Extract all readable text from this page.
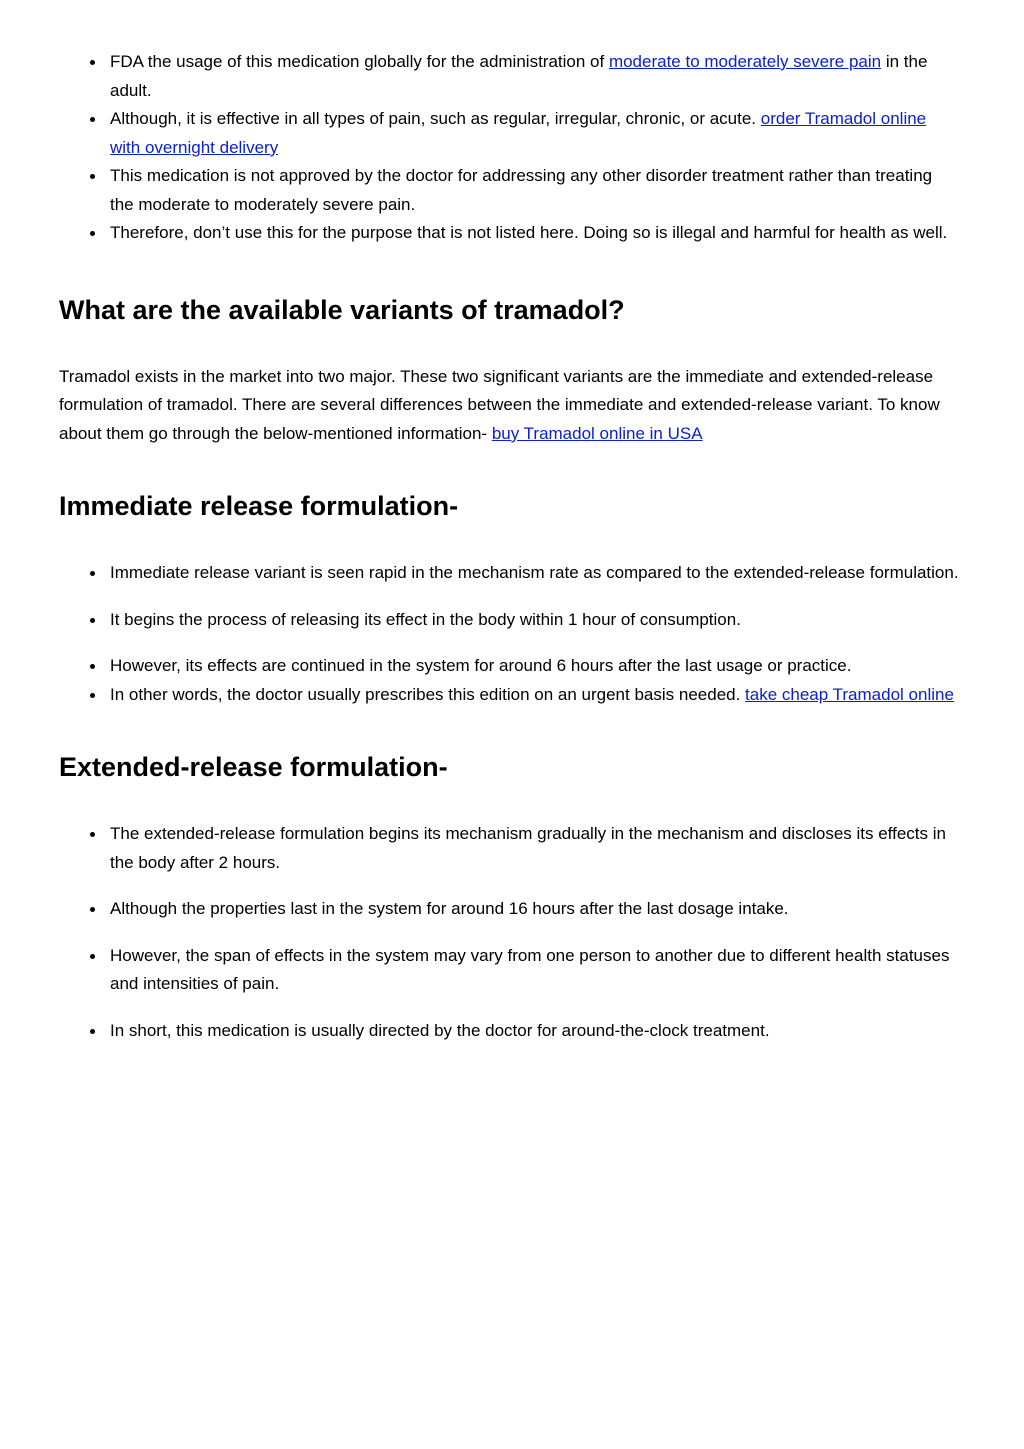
FDA the usage of this medication globally for the administration of moderate to moderately severe pain in the adult.
Although, it is effective in all types of pain, such as regular, irregular, chronic, or acute. order Tramadol online with overnight delivery
This medication is not approved by the doctor for addressing any other disorder treatment rather than treating the moderate to moderately severe pain.
Therefore, don’t use this for the purpose that is not listed here. Doing so is illegal and harmful for health as well.
What are the available variants of tramadol?

Tramadol exists in the market into two major. These two significant variants are the immediate and extended-release formulation of tramadol. There are several differences between the immediate and extended-release variant. To know about them go through the below-mentioned information- buy Tramadol online in USA

Immediate release formulation-
Immediate release variant is seen rapid in the mechanism rate as compared to the extended-release formulation.
It begins the process of releasing its effect in the body within 1 hour of consumption.
However, its effects are continued in the system for around 6 hours after the last usage or practice.
In other words, the doctor usually prescribes this edition on an urgent basis needed. take cheap Tramadol online
Extended-release formulation-
The extended-release formulation begins its mechanism gradually in the mechanism and discloses its effects in the body after 2 hours.
Although the properties last in the system for around 16 hours after the last dosage intake.
However, the span of effects in the system may vary from one person to another due to different health statuses and intensities of pain.
In short, this medication is usually directed by the doctor for around-the-clock treatment.
